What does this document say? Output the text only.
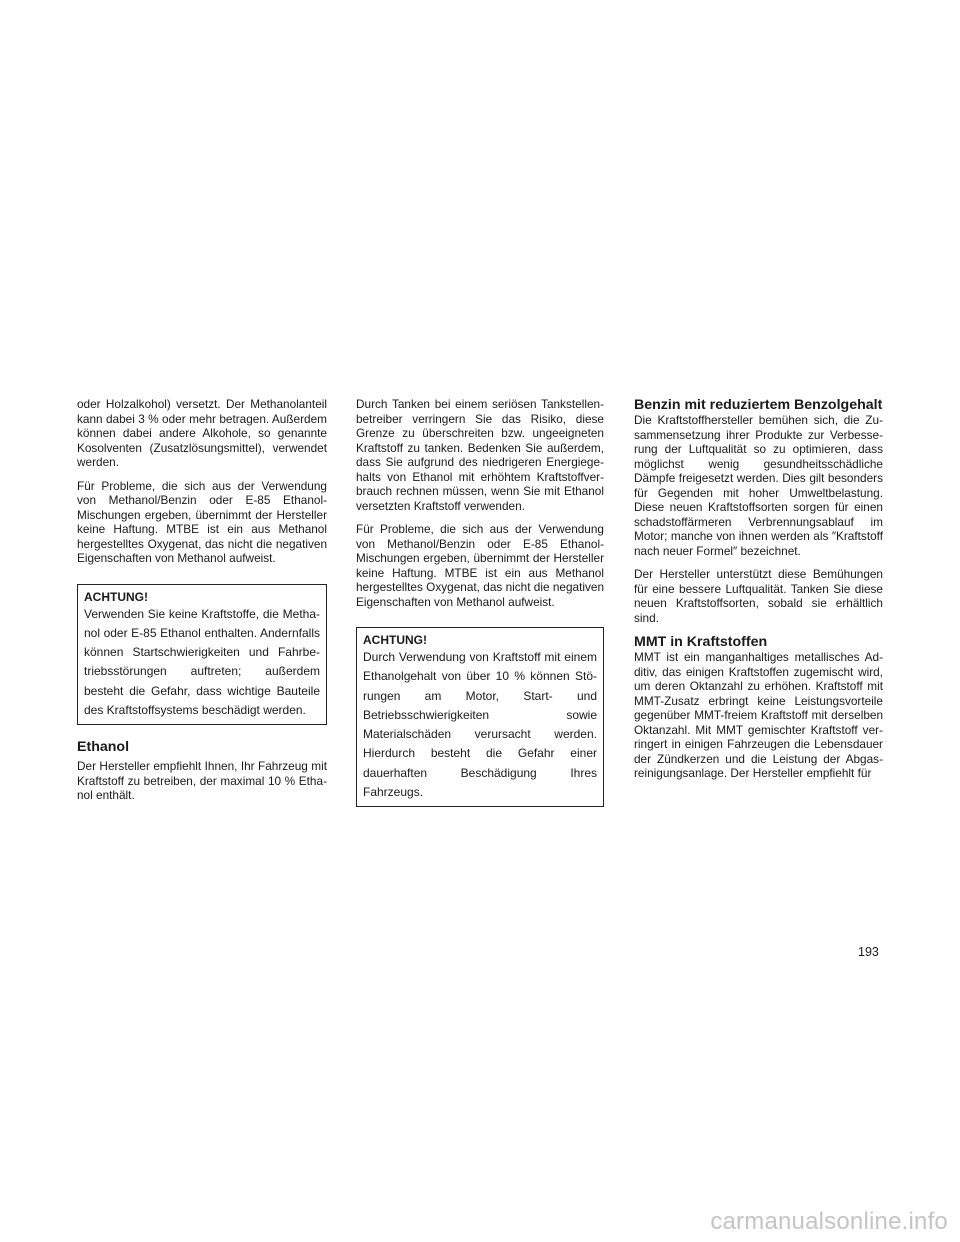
oder Holzalkohol) versetzt. Der Methanolanteil kann dabei 3 % oder mehr betragen. Außerdem können dabei andere Alkohole, so genannte Kosolventen (Zusatzlösungsmittel), verwendet werden.

Für Probleme, die sich aus der Verwendung von Methanol/Benzin oder E-85 Ethanol-Mischungen ergeben, übernimmt der Hersteller keine Haftung. MTBE ist ein aus Methanol hergestelltes Oxygenat, das nicht die negativen Eigenschaften von Methanol aufweist.

ACHTUNG!

Verwenden Sie keine Kraftstoffe, die Methanol oder E-85 Ethanol enthalten. Andernfalls können Startschwierigkeiten und Fahrbetriebsstörungen auftreten; außerdem besteht die Gefahr, dass wichtige Bauteile des Kraftstoffsystems beschädigt werden.

Ethanol

Der Hersteller empfiehlt Ihnen, Ihr Fahrzeug mit Kraftstoff zu betreiben, der maximal 10 % Ethanol enthält.

Durch Tanken bei einem seriösen Tankstellenbetreiber verringern Sie das Risiko, diese Grenze zu überschreiten bzw. ungeeigneten Kraftstoff zu tanken. Bedenken Sie außerdem, dass Sie aufgrund des niedrigeren Energiegehalts von Ethanol mit erhöhtem Kraftstoffverbrauch rechnen müssen, wenn Sie mit Ethanol versetzten Kraftstoff verwenden.

Für Probleme, die sich aus der Verwendung von Methanol/Benzin oder E-85 Ethanol-Mischungen ergeben, übernimmt der Hersteller keine Haftung. MTBE ist ein aus Methanol hergestelltes Oxygenat, das nicht die negativen Eigenschaften von Methanol aufweist.

ACHTUNG!

Durch Verwendung von Kraftstoff mit einem Ethanolgehalt von über 10 % können Störungen am Motor, Start- und Betriebsschwierigkeiten sowie Materialschäden verursacht werden. Hierdurch besteht die Gefahr einer dauerhaften Beschädigung Ihres Fahrzeugs.

Benzin mit reduziertem Benzolgehalt

Die Kraftstoffhersteller bemühen sich, die Zusammensetzung ihrer Produkte zur Verbesserung der Luftqualität so zu optimieren, dass möglichst wenig gesundheitsschädliche Dämpfe freigesetzt werden. Dies gilt besonders für Gegenden mit hoher Umweltbelastung. Diese neuen Kraftstoffsorten sorgen für einen schadstoffärmeren Verbrennungsablauf im Motor; manche von ihnen werden als ″Kraftstoff nach neuer Formel″ bezeichnet.

Der Hersteller unterstützt diese Bemühungen für eine bessere Luftqualität. Tanken Sie diese neuen Kraftstoffsorten, sobald sie erhältlich sind.

MMT in Kraftstoffen

MMT ist ein manganhaltiges metallisches Additiv, das einigen Kraftstoffen zugemischt wird, um deren Oktanzahl zu erhöhen. Kraftstoff mit MMT-Zusatz erbringt keine Leistungsvorteile gegenüber MMT-freiem Kraftstoff mit derselben Oktanzahl. Mit MMT gemischter Kraftstoff verringert in einigen Fahrzeugen die Lebensdauer der Zündkerzen und die Leistung der Abgasreinigungsanlage. Der Hersteller empfiehlt für

193
carmanualsonline.info
